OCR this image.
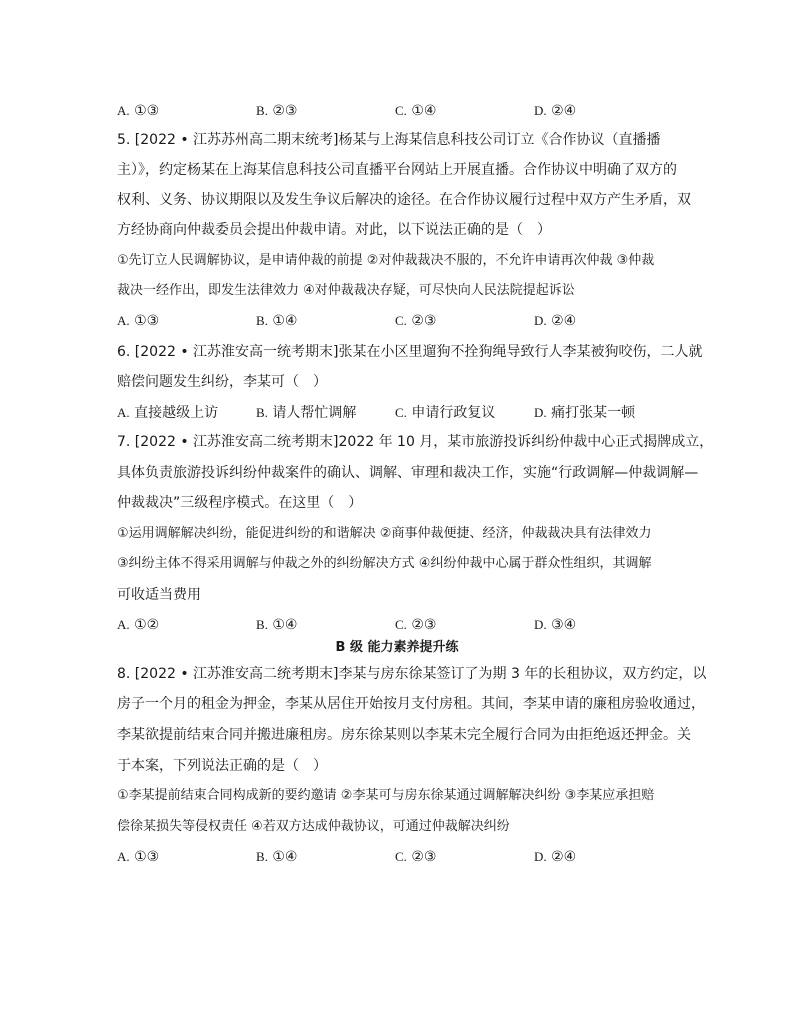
A. ①③	B. ②③	C. ①④	D. ②④
5. [2022 • 江苏苏州高二期末统考]杨某与上海某信息科技公司订立《合作协议（直播播
主）》，约定杨某在上海某信息科技公司直播平台网站上开展直播。合作协议中明确了双方的
权利、义务、协议期限以及发生争议后解决的途径。在合作协议履行过程中双方产生矛盾，双
方经协商向仲裁委员会提出仲裁申请。对此，以下说法正确的是（　）
①先订立人民调解协议，是申请仲裁的前提 ②对仲裁裁决不服的，不允许申请再次仲裁 ③仲裁
裁决一经作出，即发生法律效力 ④对仲裁裁决存疑，可尽快向人民法院提起诉讼
A. ①③	B. ①④	C. ②③	D. ②④
6. [2022 • 江苏淮安高一统考期末]张某在小区里遛狗不拴狗绳导致行人李某被狗咬伤，二人就
赔偿问题发生纠纷，李某可（　）
A. 直接越级上访	B. 请人帮忙调解	C. 申请行政复议	D. 痛打张某一顿
7. [2022 • 江苏淮安高二统考期末]2022 年 10 月，某市旅游投诉纠纷仲裁中心正式揭牌成立，
具体负责旅游投诉纠纷仲裁案件的确认、调解、审理和裁决工作，实施“行政调解—仲裁调解—
仲裁裁决”三级程序模式。在这里（　）
①运用调解解决纠纷，能促进纠纷的和谐解决 ②商事仲裁便捷、经济，仲裁裁决具有法律效力
③纠纷主体不得采用调解与仲裁之外的纠纷解决方式 ④纠纷仲裁中心属于群众性组织，其调解
可收适当费用
A. ①②	B. ①④	C. ②③	D. ③④
B 级 能力素养提升练
8. [2022 • 江苏淮安高二统考期末]李某与房东徐某签订了为期 3 年的长租协议，双方约定，以
房子一个月的租金为押金，李某从居住开始按月支付房租。其间，李某申请的廉租房验收通过，
李某欲提前结束合同并搬进廉租房。房东徐某则以李某未完全履行合同为由拒绝返还押金。关
于本案，下列说法正确的是（　）
①李某提前结束合同构成新的要约邀请 ②李某可与房东徐某通过调解解决纠纷 ③李某应承担赔
偿徐某损失等侵权责任 ④若双方达成仲裁协议，可通过仲裁解决纠纷
A. ①③	B. ①④	C. ②③	D. ②④
